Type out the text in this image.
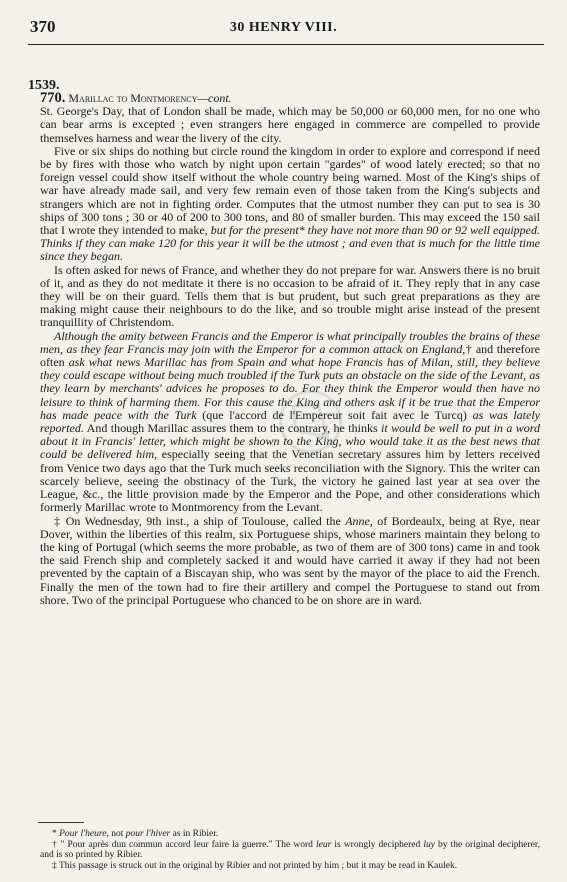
370	30 HENRY VIII.
1539.

770. Marillac to Montmorency—cont.

St. George's Day, that of London shall be made, which may be 50,000 or 60,000 men, for no one who can bear arms is excepted ; even strangers here engaged in commerce are compelled to provide themselves harness and wear the livery of the city.

Five or six ships do nothing but circle round the kingdom in order to explore and correspond if need be by fires with those who watch by night upon certain "gardes" of wood lately erected; so that no foreign vessel could show itself without the whole country being warned. Most of the King's ships of war have already made sail, and very few remain even of those taken from the King's subjects and strangers which are not in fighting order. Computes that the utmost number they can put to sea is 30 ships of 300 tons ; 30 or 40 of 200 to 300 tons, and 80 of smaller burden. This may exceed the 150 sail that I wrote they intended to make, but for the present* they have not more than 90 or 92 well equipped. Thinks if they can make 120 for this year it will be the utmost ; and even that is much for the little time since they began.

Is often asked for news of France, and whether they do not prepare for war. Answers there is no bruit of it, and as they do not meditate it there is no occasion to be afraid of it. They reply that in any case they will be on their guard. Tells them that is but prudent, but such great preparations as they are making might cause their neighbours to do the like, and so trouble might arise instead of the present tranquillity of Christendom.

Although the amity between Francis and the Emperor is what principally troubles the brains of these men, as they fear Francis may join with the Emperor for a common attack on England,† and therefore often ask what news Marillac has from Spain and what hope Francis has of Milan, still, they believe they could escape without being much troubled if the Turk puts an obstacle on the side of the Levant, as they learn by merchants' advices he proposes to do. For they think the Emperor would then have no leisure to think of harming them. For this cause the King and others ask if it be true that the Emperor has made peace with the Turk (que l'accord de l'Empereur soit fait avec le Turcq) as was lately reported. And though Marillac assures them to the contrary, he thinks it would be well to put in a word about it in Francis' letter, which might be shown to the King, who would take it as the best news that could be delivered him, especially seeing that the Venetian secretary assures him by letters received from Venice two days ago that the Turk much seeks reconciliation with the Signory. This the writer can scarcely believe, seeing the obstinacy of the Turk, the victory he gained last year at sea over the League, &c., the little provision made by the Emperor and the Pope, and other considerations which formerly Marillac wrote to Montmorency from the Levant.

‡ On Wednesday, 9th inst., a ship of Toulouse, called the Anne, of Bordeaulx, being at Rye, near Dover, within the liberties of this realm, six Portuguese ships, whose mariners maintain they belong to the king of Portugal (which seems the more probable, as two of them are of 300 tons) came in and took the said French ship and completely sacked it and would have carried it away if they had not been prevented by the captain of a Biscayan ship, who was sent by the mayor of the place to aid the French. Finally the men of the town had to fire their artillery and compel the Portuguese to stand out from shore. Two of the principal Portuguese who chanced to be on shore are in ward.

* Pour l'heure, not pour l'hiver as in Ribier.

† " Pour après dun commun accord leur faire la guerre." The word leur is wrongly deciphered luy by the original decipherer, and is so printed by Ribier.

‡ This passage is struck out in the original by Ribier and not printed by him ; but it may be read in Kaulek.
